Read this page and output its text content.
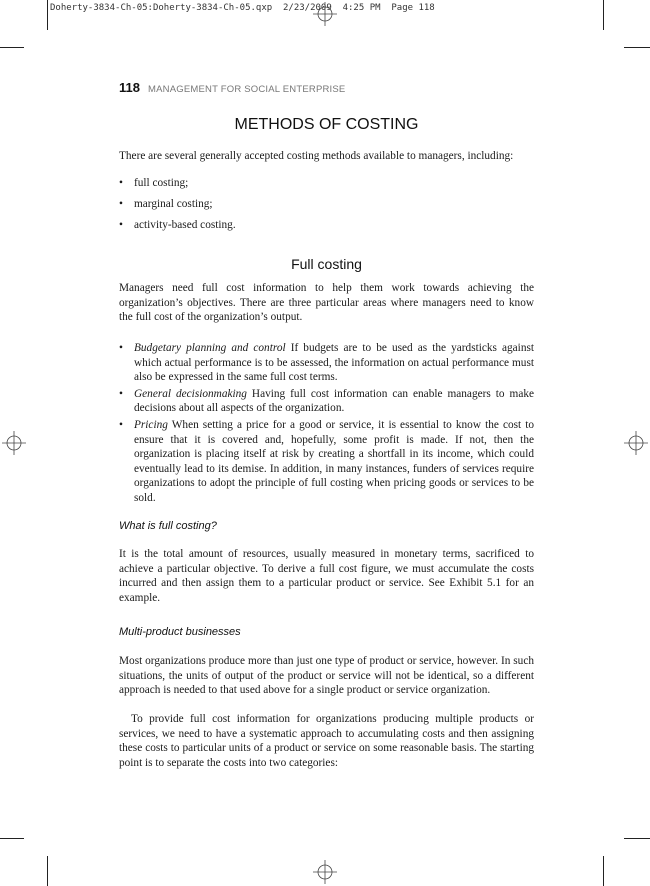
Doherty-3834-Ch-05:Doherty-3834-Ch-05.qxp  2/23/2009  4:25 PM  Page 118
118 MANAGEMENT FOR SOCIAL ENTERPRISE
METHODS OF COSTING

There are several generally accepted costing methods available to managers, including:

• full costing;
• marginal costing;
• activity-based costing.
Full costing

Managers need full cost information to help them work towards achieving the organization’s objectives. There are three particular areas where managers need to know the full cost of the organization’s output.

• Budgetary planning and control If budgets are to be used as the yardsticks against which actual performance is to be assessed, the information on actual performance must also be expressed in the same full cost terms.
• General decisionmaking Having full cost information can enable managers to make decisions about all aspects of the organization.
• Pricing When setting a price for a good or service, it is essential to know the cost to ensure that it is covered and, hopefully, some profit is made. If not, then the organization is placing itself at risk by creating a shortfall in its income, which could eventually lead to its demise. In addition, in many instances, funders of services require organizations to adopt the principle of full costing when pricing goods or services to be sold.
What is full costing?

It is the total amount of resources, usually measured in monetary terms, sacrificed to achieve a particular objective. To derive a full cost figure, we must accumulate the costs incurred and then assign them to a particular product or service. See Exhibit 5.1 for an example.

Multi-product businesses

Most organizations produce more than just one type of product or service, however. In such situations, the units of output of the product or service will not be identical, so a different approach is needed to that used above for a single product or service organization.

To provide full cost information for organizations producing multiple products or services, we need to have a systematic approach to accumulating costs and then assigning these costs to particular units of a product or service on some reasonable basis. The starting point is to separate the costs into two categories:
